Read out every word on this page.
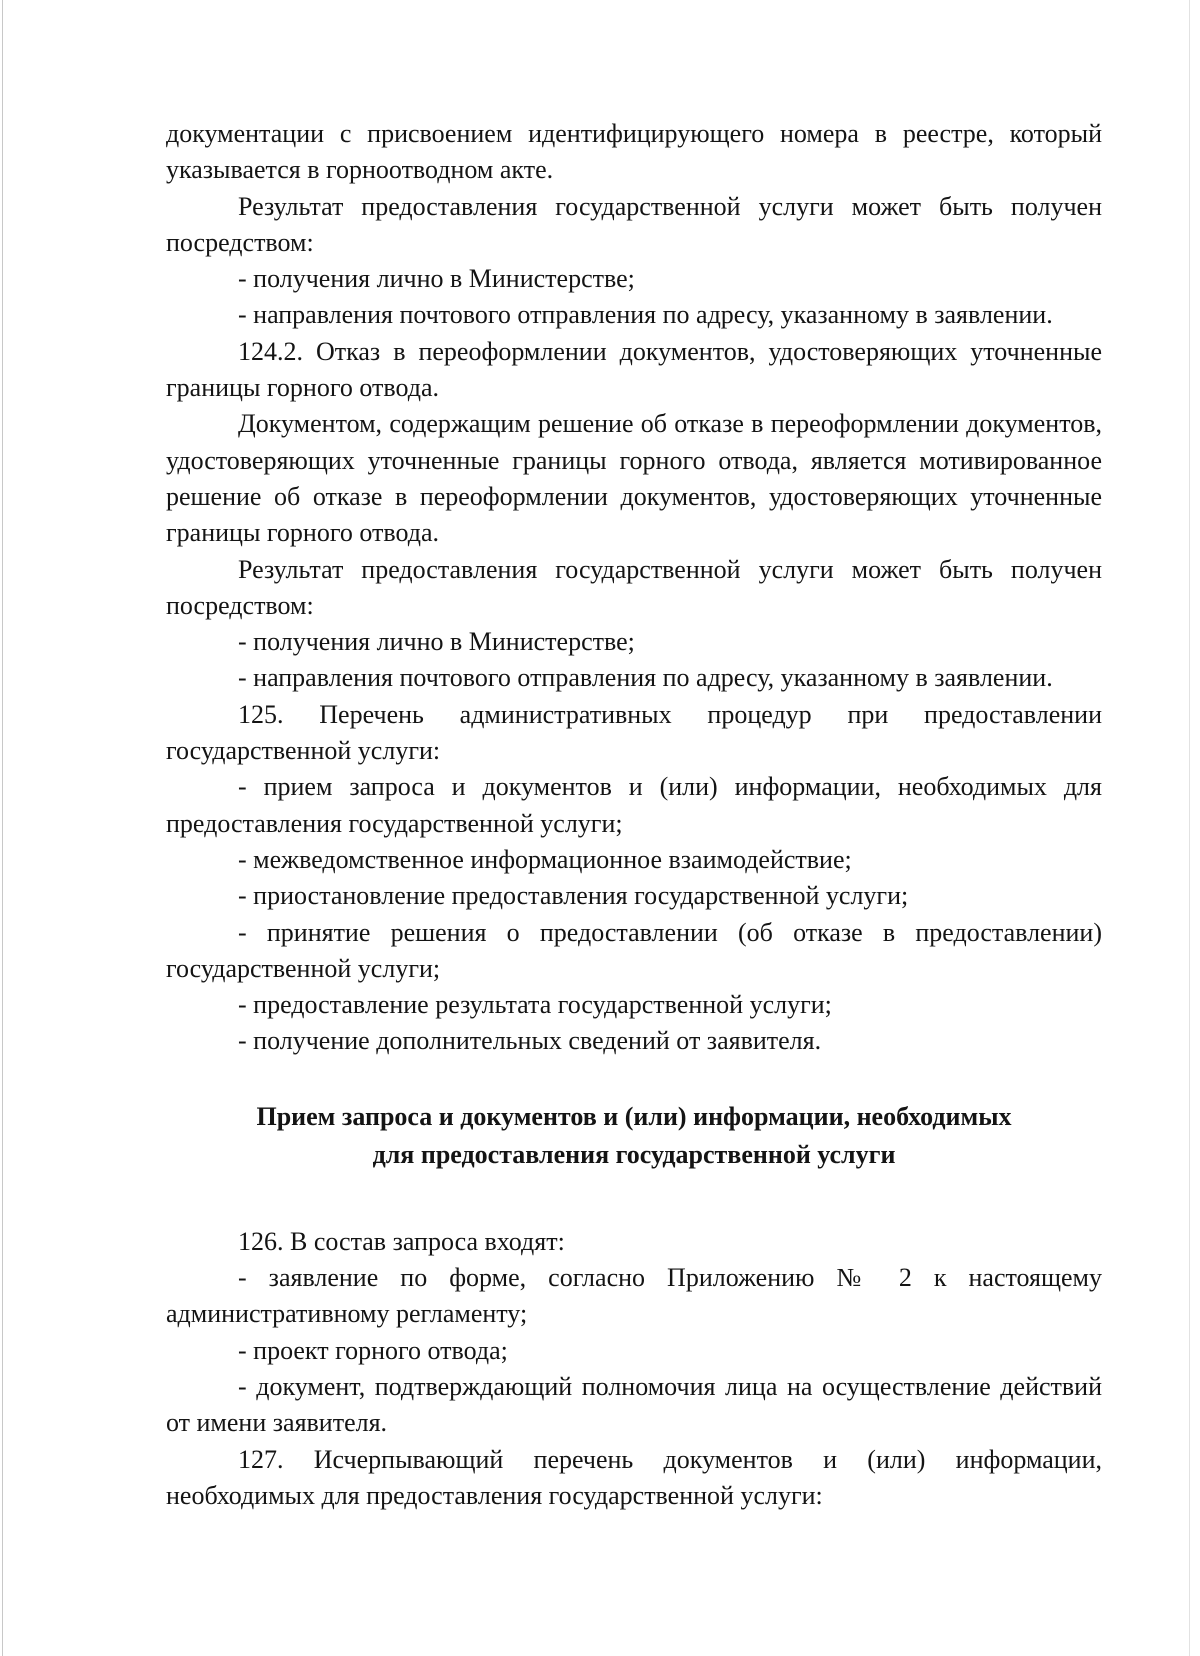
документации с присвоением идентифицирующего номера в реестре, который указывается в горноотводном акте.

Результат предоставления государственной услуги может быть получен посредством:

- получения лично в Министерстве;

- направления почтового отправления по адресу, указанному в заявлении.

124.2. Отказ в переоформлении документов, удостоверяющих уточненные границы горного отвода.

Документом, содержащим решение об отказе в переоформлении документов, удостоверяющих уточненные границы горного отвода, является мотивированное решение об отказе в переоформлении документов, удостоверяющих уточненные границы горного отвода.

Результат предоставления государственной услуги может быть получен посредством:

- получения лично в Министерстве;

- направления почтового отправления по адресу, указанному в заявлении.

125. Перечень административных процедур при предоставлении государственной услуги:

- прием запроса и документов и (или) информации, необходимых для предоставления государственной услуги;

- межведомственное информационное взаимодействие;

- приостановление предоставления государственной услуги;

- принятие решения о предоставлении (об отказе в предоставлении) государственной услуги;

- предоставление результата государственной услуги;

- получение дополнительных сведений от заявителя.

Прием запроса и документов и (или) информации, необходимых
для предоставления государственной услуги

126. В состав запроса входят:

- заявление по форме, согласно Приложению № 2 к настоящему административному регламенту;

- проект горного отвода;

- документ, подтверждающий полномочия лица на осуществление действий от имени заявителя.

127. Исчерпывающий перечень документов и (или) информации, необходимых для предоставления государственной услуги:
